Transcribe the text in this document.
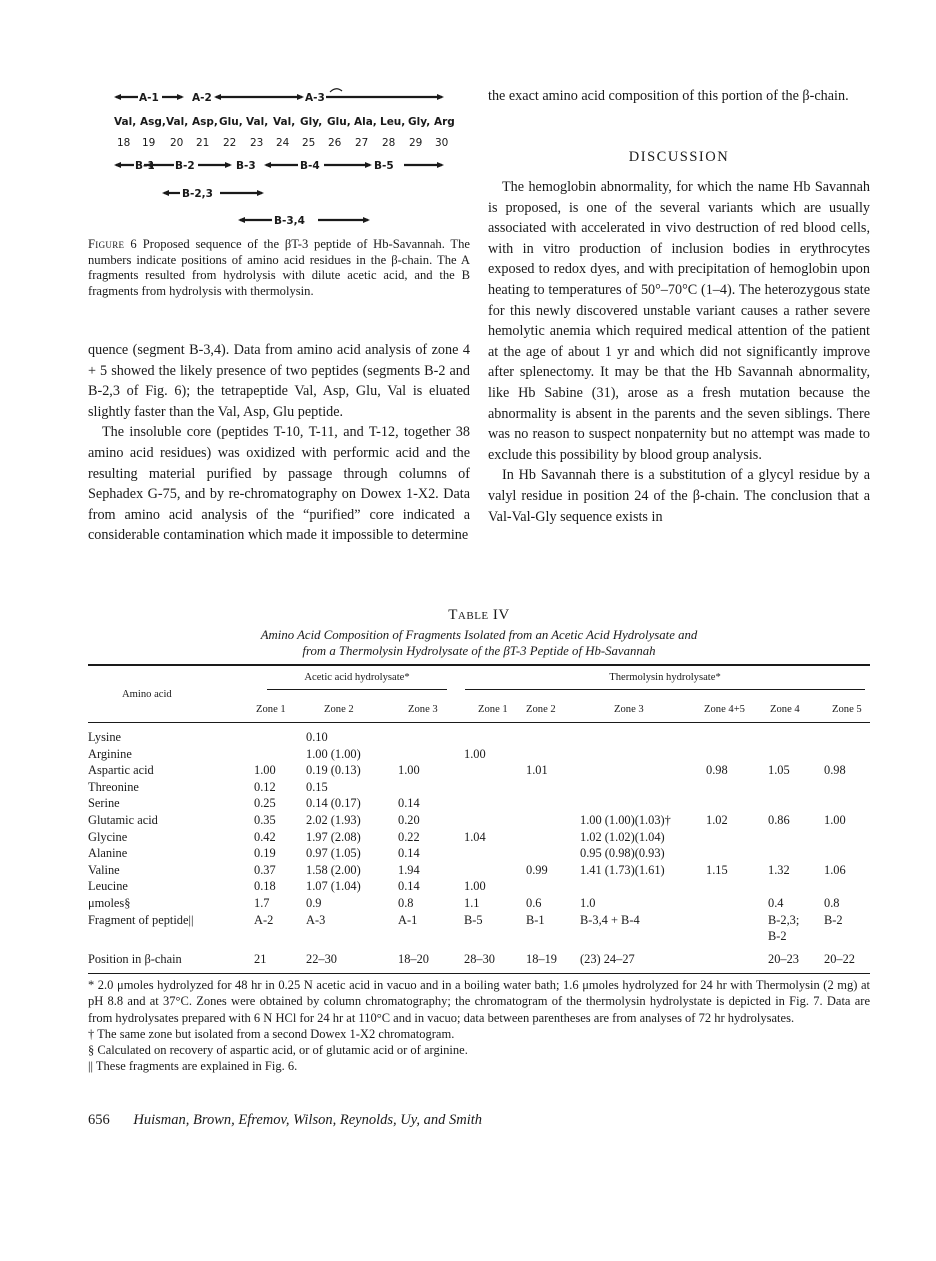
A-1	A-2	A-3
Val, Asg, Val, Asp, Glu, Val, Val, Gly, Glu, Ala, Leu, Gly, Arg
18 19 20 21 22 23 24 25 26 27 28 29 30
B-1 B-2	B-3	B-4	B-5
B-2,3
B-3,4
Figure 6 Proposed sequence of the βT-3 peptide of Hb-Savannah. The numbers indicate positions of amino acid residues in the β-chain. The A fragments resulted from hydrolysis with dilute acetic acid, and the B fragments from hydrolysis with thermolysin.

quence (segment B-3,4). Data from amino acid analysis of zone 4 + 5 showed the likely presence of two peptides (segments B-2 and B-2,3 of Fig. 6); the tetrapeptide Val, Asp, Glu, Val is eluated slightly faster than the Val, Asp, Glu peptide.

The insoluble core (peptides T-10, T-11, and T-12, together 38 amino acid residues) was oxidized with performic acid and the resulting material purified by passage through columns of Sephadex G-75, and by re-chromatography on Dowex 1-X2. Data from amino acid analysis of the “purified” core indicated a considerable contamination which made it impossible to determine

the exact amino acid composition of this portion of the β-chain.

DISCUSSION

The hemoglobin abnormality, for which the name Hb Savannah is proposed, is one of the several variants which are usually associated with accelerated in vivo destruction of red blood cells, with in vitro production of inclusion bodies in erythrocytes exposed to redox dyes, and with precipitation of hemoglobin upon heating to temperatures of 50°–70°C (1–4). The heterozygous state for this newly discovered unstable variant causes a rather severe hemolytic anemia which required medical attention of the patient at the age of about 1 yr and which did not significantly improve after splenectomy. It may be that the Hb Savannah abnormality, like Hb Sabine (31), arose as a fresh mutation because the abnormality is absent in the parents and the seven siblings. There was no reason to suspect nonpaternity but no attempt was made to exclude this possibility by blood group analysis.

In Hb Savannah there is a substitution of a glycyl residue by a valyl residue in position 24 of the β-chain. The conclusion that a Val-Val-Gly sequence exists in

Table IV
Amino Acid Composition of Fragments Isolated from an Acetic Acid Hydrolysate and
from a Thermolysin Hydrolysate of the βT-3 Peptide of Hb-Savannah
Amino acid	Acetic acid hydrolysate*			Thermolysin hydrolysate*					
	Zone 1	Zone 2	Zone 3	Zone 1	Zone 2	Zone 3	Zone 4+5	Zone 4	Zone 5

Lysine		0.10							
Arginine		1.00 (1.00)		1.00					
Aspartic acid	1.00	0.19 (0.13)	1.00		1.01		0.98	1.05	0.98
Threonine	0.12	0.15							
Serine	0.25	0.14 (0.17)	0.14						
Glutamic acid	0.35	2.02 (1.93)	0.20			1.00 (1.00)(1.03)†	1.02	0.86	1.00
Glycine	0.42	1.97 (2.08)	0.22	1.04		1.02 (1.02)(1.04)			
Alanine	0.19	0.97 (1.05)	0.14			0.95 (0.98)(0.93)			
Valine	0.37	1.58 (2.00)	1.94		0.99	1.41 (1.73)(1.61)	1.15	1.32	1.06
Leucine	0.18	1.07 (1.04)	0.14	1.00					
μmoles§	1.7	0.9	0.8	1.1	0.6	1.0		0.4	0.8
Fragment of peptide||	A-2	A-3	A-1	B-5	B-1	B-3,4 + B-4		B-2,3;	B-2
								B-2	
Position in β-chain	21	22–30	18–20	28–30	18–19	(23) 24–27		20–23	20–22

* 2.0 μmoles hydrolyzed for 48 hr in 0.25 N acetic acid in vacuo and in a boiling water bath; 1.6 μmoles hydrolyzed for 24 hr with Thermolysin (2 mg) at pH 8.8 and at 37°C. Zones were obtained by column chromatography; the chromatogram of the thermolysin hydrolystate is depicted in Fig. 7. Data are from hydrolysates prepared with 6 N HCl for 24 hr at 110°C and in vacuo; data between parentheses are from analyses of 72 hr hydrolysates.

† The same zone but isolated from a second Dowex 1-X2 chromatogram.

§ Calculated on recovery of aspartic acid, or of glutamic acid or of arginine.

|| These fragments are explained in Fig. 6.

656 Huisman, Brown, Efremov, Wilson, Reynolds, Uy, and Smith
